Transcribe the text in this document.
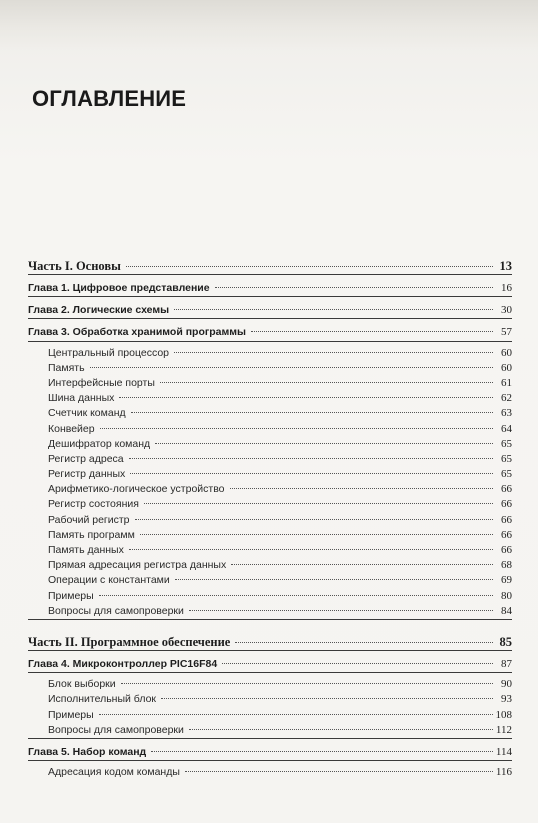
ОГЛАВЛЕНИЕ
Часть I. Основы	13
Глава 1. Цифровое представление	16
Глава 2. Логические схемы	30
Глава 3. Обработка хранимой программы	57
Центральный процессор	60
Память	60
Интерфейсные порты	61
Шина данных	62
Счетчик команд	63
Конвейер	64
Дешифратор команд	65
Регистр адреса	65
Регистр данных	65
Арифметико-логическое устройство	66
Регистр состояния	66
Рабочий регистр	66
Память программ	66
Память данных	66
Прямая адресация регистра данных	68
Операции с константами	69
Примеры	80
Вопросы для самопроверки	84
Часть II. Программное обеспечение	85
Глава 4. Микроконтроллер PIC16F84	87
Блок выборки	90
Исполнительный блок	93
Примеры	108
Вопросы для самопроверки	112
Глава 5. Набор команд	114
Адресация кодом команды	116
